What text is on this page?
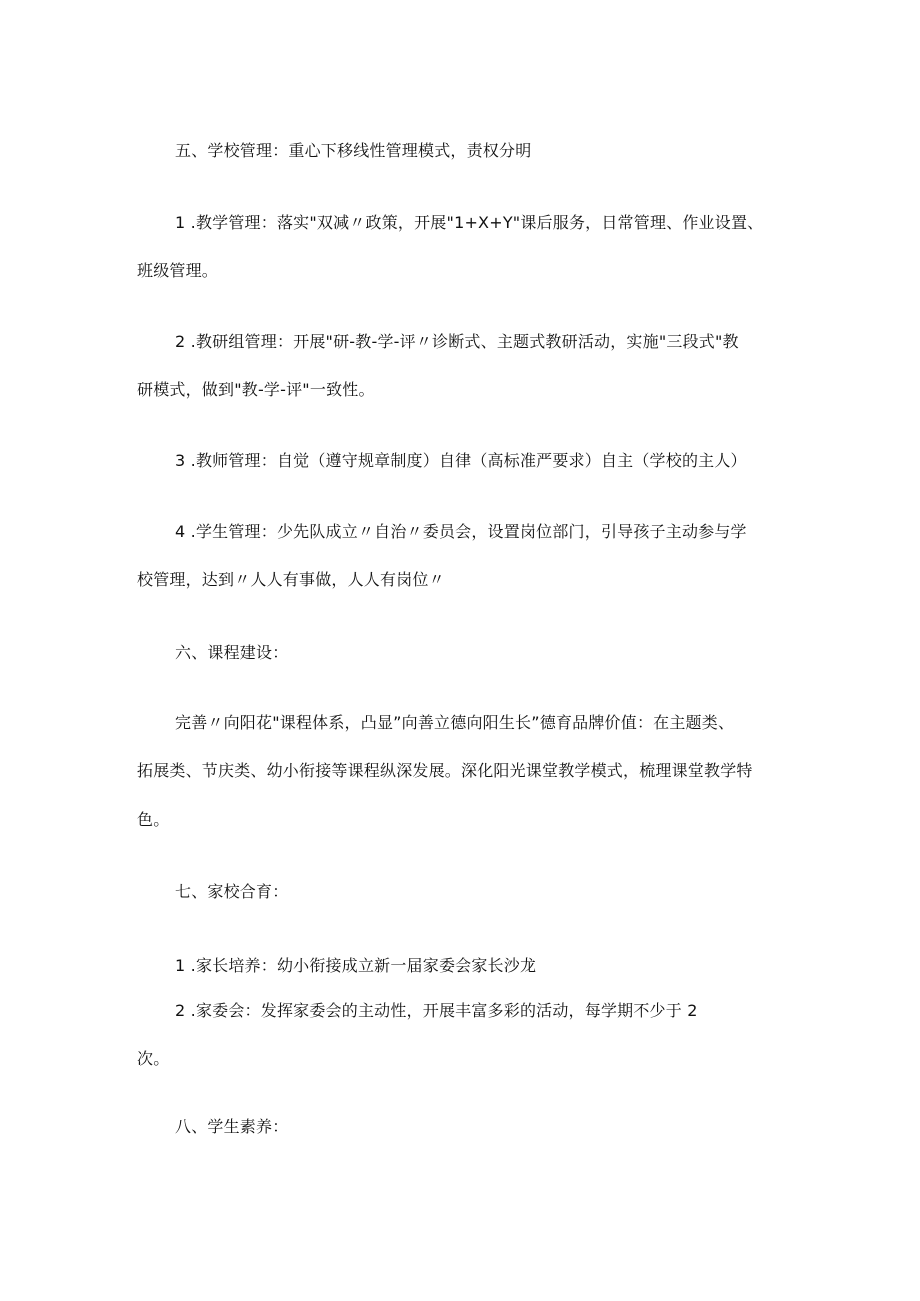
五、学校管理：重心下移线性管理模式，责权分明
1 .教学管理：落实"双减〃政策，开展"1+X+Y"课后服务，日常管理、作业设置、
班级管理。
2 .教研组管理：开展"研-教-学-评〃诊断式、主题式教研活动，实施"三段式"教
研模式，做到"教-学-评"一致性。
3 .教师管理：自觉（遵守规章制度）自律（高标准严要求）自主（学校的主人）
4 .学生管理：少先队成立〃自治〃委员会，设置岗位部门，引导孩子主动参与学
校管理，达到〃人人有事做，人人有岗位〃
六、课程建设：
完善〃向阳花"课程体系，凸显”向善立德向阳生长”德育品牌价值：在主题类、
拓展类、节庆类、幼小衔接等课程纵深发展。深化阳光课堂教学模式，梳理课堂教学特
色。
七、家校合育：
1 .家长培养：幼小衔接成立新一届家委会家长沙龙
2 .家委会：发挥家委会的主动性，开展丰富多彩的活动，每学期不少于 2
次。
八、学生素养：
